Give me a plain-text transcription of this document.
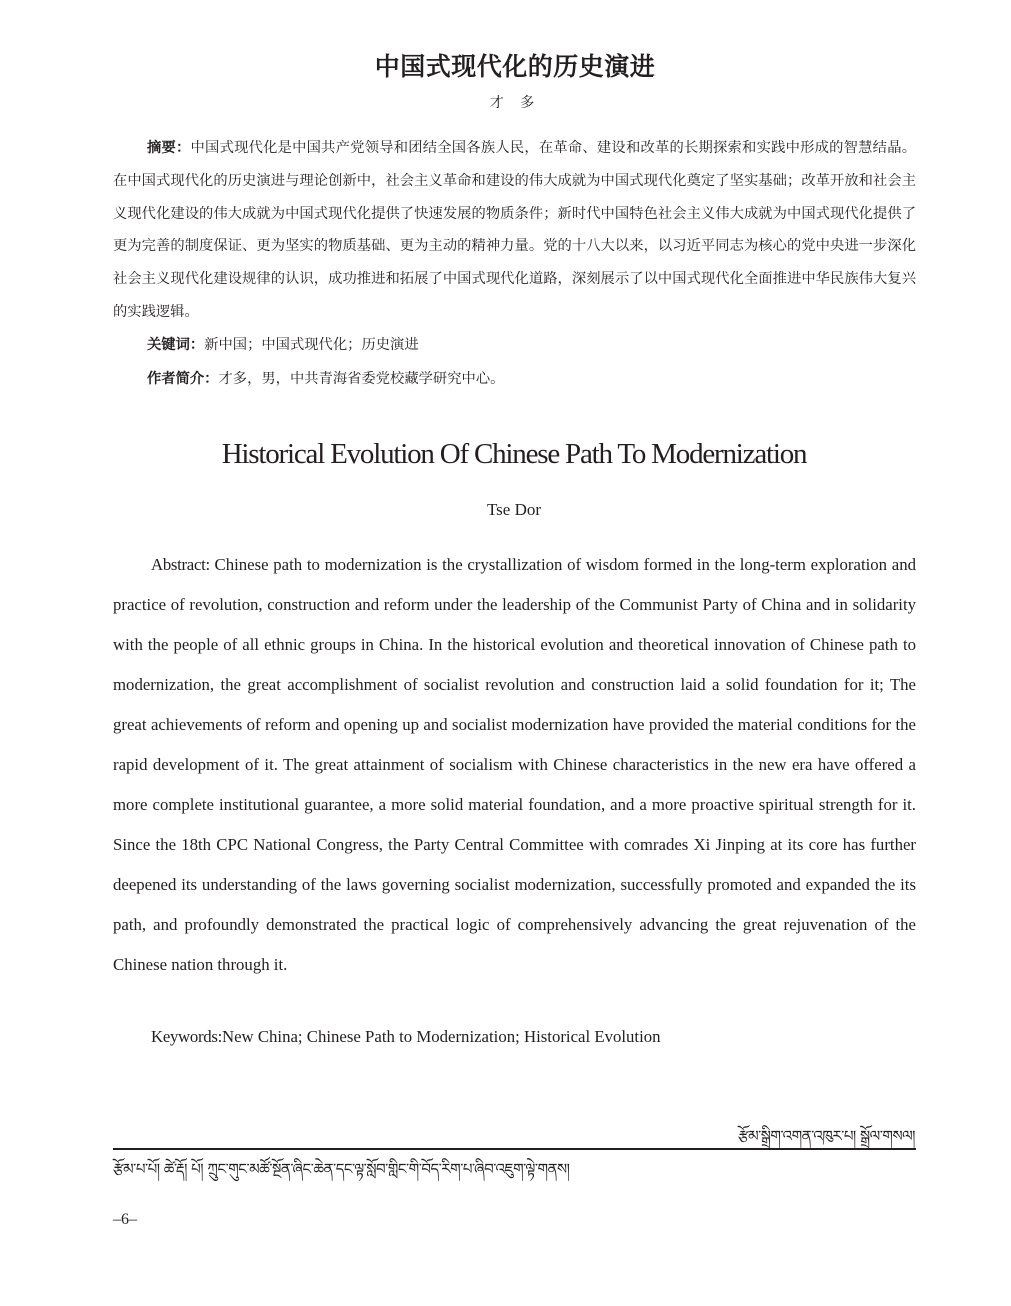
中国式现代化的历史演进
才 多

摘要：中国式现代化是中国共产党领导和团结全国各族人民，在革命、建设和改革的长期探索和实践中形成的智慧结晶。在中国式现代化的历史演进与理论创新中，社会主义革命和建设的伟大成就为中国式现代化奠定了坚实基础；改革开放和社会主义现代化建设的伟大成就为中国式现代化提供了快速发展的物质条件；新时代中国特色社会主义伟大成就为中国式现代化提供了更为完善的制度保证、更为坚实的物质基础、更为主动的精神力量。党的十八大以来，以习近平同志为核心的党中央进一步深化社会主义现代化建设规律的认识，成功推进和拓展了中国式现代化道路，深刻展示了以中国式现代化全面推进中华民族伟大复兴的实践逻辑。

关键词：新中国；中国式现代化；历史演进

作者简介：才多，男，中共青海省委党校藏学研究中心。

Historical Evolution Of Chinese Path To Modernization

Tse Dor

Abstract: Chinese path to modernization is the crystallization of wisdom formed in the long-term exploration and practice of revolution, construction and reform under the leadership of the Communist Party of China and in solidarity with the people of all ethnic groups in China. In the historical evolution and theoretical innovation of Chinese path to modernization, the great accomplishment of socialist revolution and construction laid a solid foundation for it; The great achievements of reform and opening up and socialist modernization have provided the material conditions for the rapid development of it. The great attainment of socialism with Chinese characteristics in the new era have offered a more complete institutional guarantee, a more solid material foundation, and a more proactive spiritual strength for it. Since the 18th CPC National Congress, the Party Central Committee with comrades Xi Jinping at its core has further deepened its understanding of the laws governing socialist modernization, successfully promoted and expanded the its path, and profoundly demonstrated the practical logic of comprehensively advancing the great rejuvenation of the Chinese nation through it.

Keywords:New China; Chinese Path to Modernization; Historical Evolution

རྩོམ་སྒྲིག་འགན་འཁུར་པ། སྒྲོལ་གསལ།

རྩོམ་པ་པོ། ཚེ་རྡོ། པོ། ཀྲུང་གུང་མཚོ་སྔོན་ཞིང་ཆེན་དང་ལྟ་སློབ་གླིང་གི་བོད་རིག་པ་ཞིབ་འཇུག་ལྟེ་གནས།

–6–
